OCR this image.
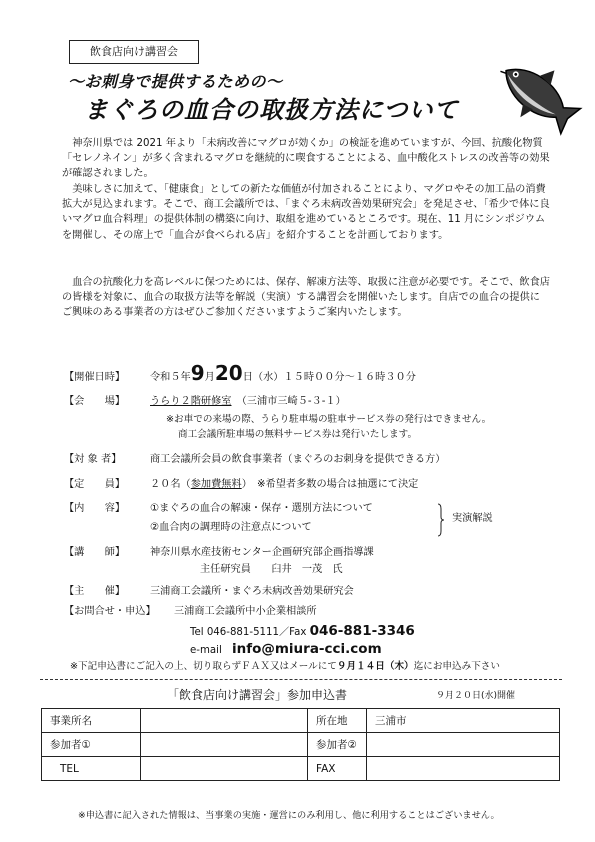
飲食店向け講習会
～お刺身で提供するための～
まぐろの血合の取扱方法について

神奈川県では 2021 年より「未病改善にマグロが効くか」の検証を進めていますが、今回、抗酸化物質「セレノネイン」が多く含まれるマグロを継続的に喫食することによる、血中酸化ストレスの改善等の効果が確認されました。

美味しさに加えて、「健康食」としての新たな価値が付加されることにより、マグロやその加工品の消費拡大が見込まれます。そこで、商工会議所では、「まぐろ未病改善効果研究会」を発足させ、「希少で体に良いマグロ血合料理」の提供体制の構築に向け、取組を進めているところです。現在、11 月にシンポジウムを開催し、その席上で「血合が食べられる店」を紹介することを計画しております。

血合の抗酸化力を高レベルに保つためには、保存、解凍方法等、取扱に注意が必要です。そこで、飲食店の皆様を対象に、血合の取扱方法等を解説（実演）する講習会を開催いたします。自店での血合の提供にご興味のある事業者の方はぜひご参加くださいますようご案内いたします。

【開催日時】 令和５年9月20日（水）１５時００分～１６時３０分
【会　　場】 うらり２階研修室　 （三浦市三崎５-３-１）
※お車での来場の際、うらり駐車場の駐車サービス券の発行はできません。
商工会議所駐車場の無料サービス券は発行いたします。
【対 象 者】	商工会議所会員の飲食事業者（まぐろのお刺身を提供できる方）
【定　　員】 ２０名（参加費無料）　 ※希望者多数の場合は抽選にて決定
【内　　容】 ①まぐろの血合の解凍・保存・選別方法について
②血合肉の調理時の注意点について
実演解説
【講　　師】 神奈川県水産技術センター企画研究部企画指導課
主任研究員　　 臼井　一茂　氏
【主　　催】 三浦商工会議所・まぐろ未病改善効果研究会
【お問合せ・申込】 三浦商工会議所中小企業相談所
Tel 046-881-5111／Fax 046-881-3346
e-mail　 info@miura-cci.com
※下記申込書にご記入の上、切り取らずＦＡＸ又はメールにて９月１４日（木）迄にお申込み下さい
「飲食店向け講習会」参加申込書	９月２０日(水)開催
事業所名		所在地	三浦市
参加者①		参加者②	
TEL		FAX	
※申込書に記入された情報は、当事業の実施・運営にのみ利用し、他に利用することはございません。
